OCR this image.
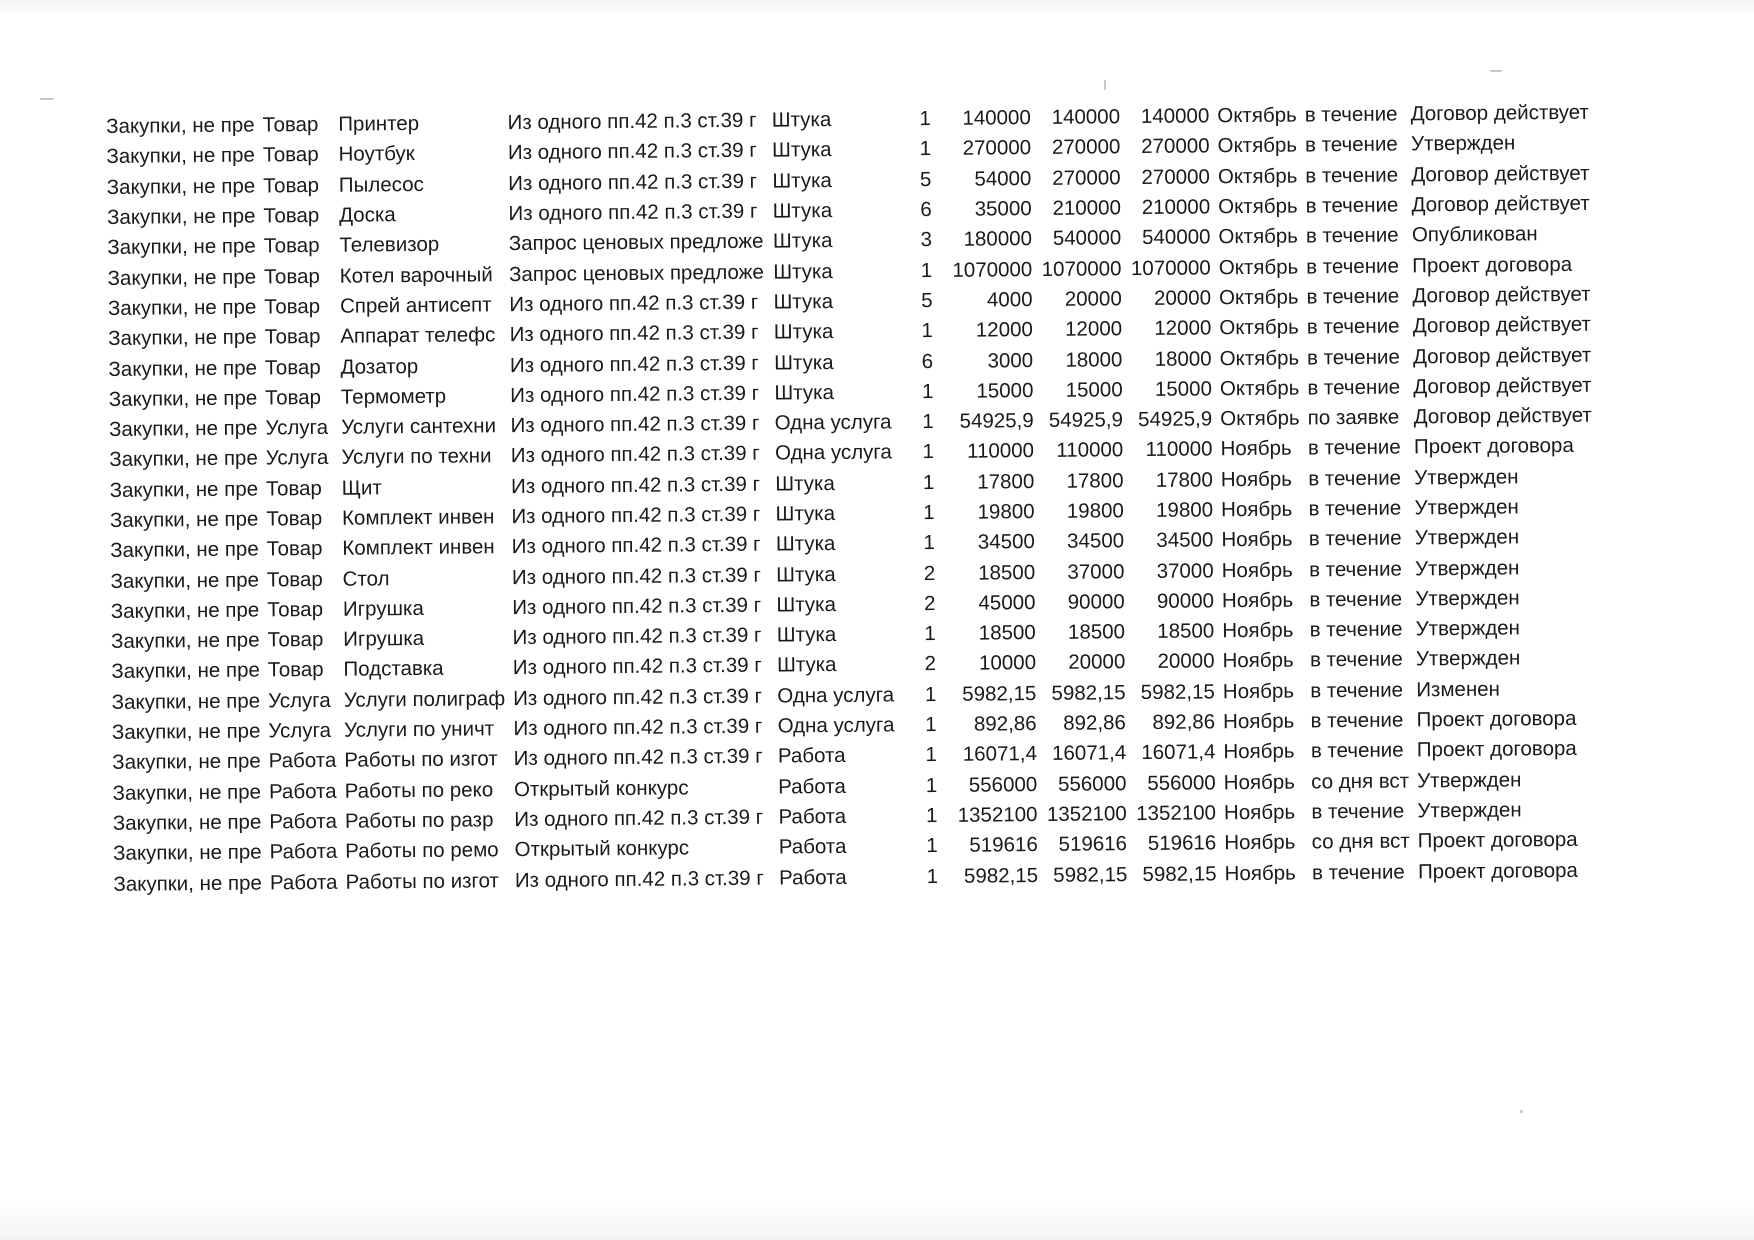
Закупки, не пре	Товар	Принтер	Из одного пп.42 п.3 ст.39 г	Штука	1	140000	140000	140000	Октябрь	в течение	Договор действует
Закупки, не пре	Товар	Ноутбук	Из одного пп.42 п.3 ст.39 г	Штука	1	270000	270000	270000	Октябрь	в течение	Утвержден
Закупки, не пре	Товар	Пылесос	Из одного пп.42 п.3 ст.39 г	Штука	5	54000	270000	270000	Октябрь	в течение	Договор действует
Закупки, не пре	Товар	Доска	Из одного пп.42 п.3 ст.39 г	Штука	6	35000	210000	210000	Октябрь	в течение	Договор действует
Закупки, не пре	Товар	Телевизор	Запрос ценовых предложе	Штука	3	180000	540000	540000	Октябрь	в течение	Опубликован
Закупки, не пре	Товар	Котел варочный	Запрос ценовых предложе	Штука	1	1070000	1070000	1070000	Октябрь	в течение	Проект договора
Закупки, не пре	Товар	Спрей антисепт	Из одного пп.42 п.3 ст.39 г	Штука	5	4000	20000	20000	Октябрь	в течение	Договор действует
Закупки, не пре	Товар	Аппарат телефс	Из одного пп.42 п.3 ст.39 г	Штука	1	12000	12000	12000	Октябрь	в течение	Договор действует
Закупки, не пре	Товар	Дозатор	Из одного пп.42 п.3 ст.39 г	Штука	6	3000	18000	18000	Октябрь	в течение	Договор действует
Закупки, не пре	Товар	Термометр	Из одного пп.42 п.3 ст.39 г	Штука	1	15000	15000	15000	Октябрь	в течение	Договор действует
Закупки, не пре	Услуга	Услуги сантехни	Из одного пп.42 п.3 ст.39 г	Одна услуга	1	54925,9	54925,9	54925,9	Октябрь	по заявке	Договор действует
Закупки, не пре	Услуга	Услуги по техни	Из одного пп.42 п.3 ст.39 г	Одна услуга	1	110000	110000	110000	Ноябрь	в течение	Проект договора
Закупки, не пре	Товар	Щит	Из одного пп.42 п.3 ст.39 г	Штука	1	17800	17800	17800	Ноябрь	в течение	Утвержден
Закупки, не пре	Товар	Комплект инвен	Из одного пп.42 п.3 ст.39 г	Штука	1	19800	19800	19800	Ноябрь	в течение	Утвержден
Закупки, не пре	Товар	Комплект инвен	Из одного пп.42 п.3 ст.39 г	Штука	1	34500	34500	34500	Ноябрь	в течение	Утвержден
Закупки, не пре	Товар	Стол	Из одного пп.42 п.3 ст.39 г	Штука	2	18500	37000	37000	Ноябрь	в течение	Утвержден
Закупки, не пре	Товар	Игрушка	Из одного пп.42 п.3 ст.39 г	Штука	2	45000	90000	90000	Ноябрь	в течение	Утвержден
Закупки, не пре	Товар	Игрушка	Из одного пп.42 п.3 ст.39 г	Штука	1	18500	18500	18500	Ноябрь	в течение	Утвержден
Закупки, не пре	Товар	Подставка	Из одного пп.42 п.3 ст.39 г	Штука	2	10000	20000	20000	Ноябрь	в течение	Утвержден
Закупки, не пре	Услуга	Услуги полиграф	Из одного пп.42 п.3 ст.39 г	Одна услуга	1	5982,15	5982,15	5982,15	Ноябрь	в течение	Изменен
Закупки, не пре	Услуга	Услуги по уничт	Из одного пп.42 п.3 ст.39 г	Одна услуга	1	892,86	892,86	892,86	Ноябрь	в течение	Проект договора
Закупки, не пре	Работа	Работы по изгот	Из одного пп.42 п.3 ст.39 г	Работа	1	16071,4	16071,4	16071,4	Ноябрь	в течение	Проект договора
Закупки, не пре	Работа	Работы по реко	Открытый конкурс	Работа	1	556000	556000	556000	Ноябрь	со дня вст	Утвержден
Закупки, не пре	Работа	Работы по разр	Из одного пп.42 п.3 ст.39 г	Работа	1	1352100	1352100	1352100	Ноябрь	в течение	Утвержден
Закупки, не пре	Работа	Работы по ремо	Открытый конкурс	Работа	1	519616	519616	519616	Ноябрь	со дня вст	Проект договора
Закупки, не пре	Работа	Работы по изгот	Из одного пп.42 п.3 ст.39 г	Работа	1	5982,15	5982,15	5982,15	Ноябрь	в течение	Проект договора
